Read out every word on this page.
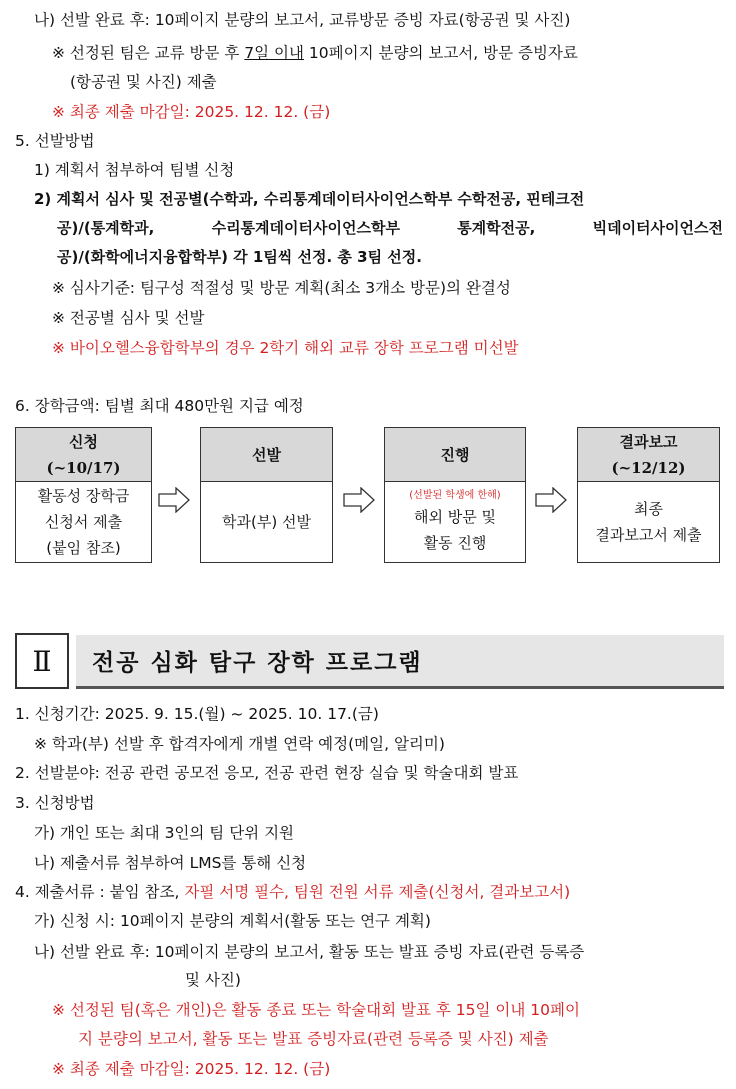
나) 선발 완료 후: 10페이지 분량의 보고서, 교류방문 증빙 자료(항공권 및 사진)
※ 선정된 팀은 교류 방문 후 7일 이내 10페이지 분량의 보고서, 방문 증빙자료
(항공권 및 사진) 제출
※ 최종 제출 마감일: 2025. 12. 12. (금)
5. 선발방법
1) 계획서 첨부하여 팀별 신청
2) 계획서 심사 및 전공별(수학과, 수리통계데이터사이언스학부 수학전공, 핀테크전
공)/(통계학과, 수리통계데이터사이언스학부 통계학전공, 빅데이터사이언스전
공)/(화학에너지융합학부) 각 1팀씩 선정. 총 3팀 선정.
※ 심사기준: 팀구성 적절성 및 방문 계획(최소 3개소 방문)의 완결성
※ 전공별 심사 및 선발
※ 바이오헬스융합학부의 경우 2학기 해외 교류 장학 프로그램 미선발
6. 장학금액: 팀별 최대 480만원 지급 예정
신청
(~10/17)
활동성 장학금
신청서 제출
(붙임 참조)
선발
학과(부) 선발
진행
(선발된 학생에 한해)
해외 방문 및
활동 진행
결과보고
(~12/12)
최종
결과보고서 제출
Ⅱ	전공 심화 탐구 장학 프로그램
1. 신청기간: 2025. 9. 15.(월) ~ 2025. 10. 17.(금)
※ 학과(부) 선발 후 합격자에게 개별 연락 예정(메일, 알리미)
2. 선발분야: 전공 관련 공모전 응모, 전공 관련 현장 실습 및 학술대회 발표
3. 신청방법
가) 개인 또는 최대 3인의 팀 단위 지원
나) 제출서류 첨부하여 LMS를 통해 신청
4. 제출서류 : 붙임 참조, 자필 서명 필수, 팀원 전원 서류 제출(신청서, 결과보고서)
가) 신청 시: 10페이지 분량의 계획서(활동 또는 연구 계획)
나) 선발 완료 후: 10페이지 분량의 보고서, 활동 또는 발표 증빙 자료(관련 등록증
및 사진)
※ 선정된 팀(혹은 개인)은 활동 종료 또는 학술대회 발표 후 15일 이내 10페이
지 분량의 보고서, 활동 또는 발표 증빙자료(관련 등록증 및 사진) 제출
※ 최종 제출 마감일: 2025. 12. 12. (금)
